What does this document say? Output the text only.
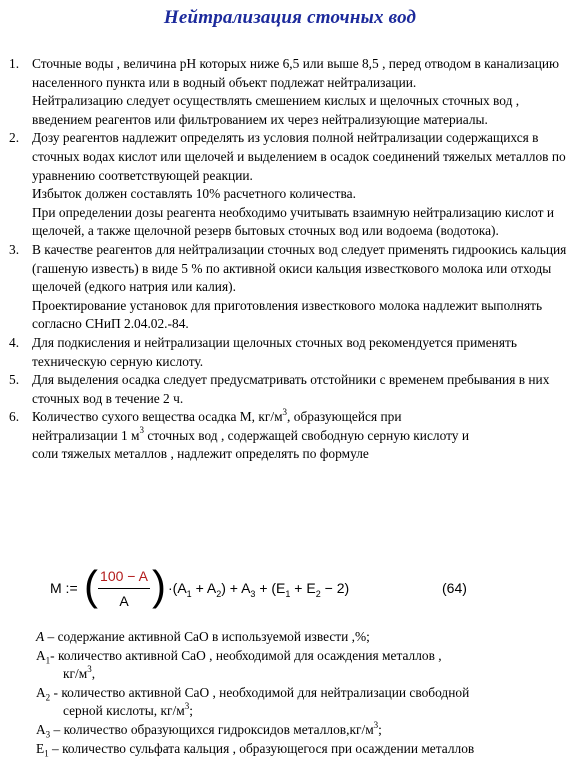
Нейтрализация сточных вод
1. Сточные воды , величина pH которых ниже 6,5 или выше 8,5 , перед отводом в канализацию населенного пункта или в водный объект подлежат нейтрализации.

Нейтрализацию следует осуществлять смешением кислых и щелочных сточных вод , введением реагентов или фильтрованием их через нейтрализующие материалы.

2. Дозу реагентов надлежит определять из условия полной нейтрализации содержащихся в сточных водах кислот или щелочей и выделением в осадок соединений тяжелых металлов по уравнению соответствующей реакции.

Избыток должен составлять 10% расчетного количества.

При определении дозы реагента необходимо учитывать взаимную нейтрализацию кислот и щелочей, а также щелочной резерв бытовых сточных вод или водоема (водотока).

3. В качестве реагентов для нейтрализации сточных вод следует применять гидроокись кальция (гашеную известь) в виде 5 % по активной окиси кальция известкового молока или отходы щелочей (едкого натрия или калия).

Проектирование установок для приготовления известкового молока надлежит выполнять согласно СНиП 2.04.02.-84.

4. Для подкисления и нейтрализации щелочных сточных вод рекомендуется применять техническую серную кислоту.

5. Для выделения осадка следует предусматривать отстойники с временем пребывания в них сточных вод в течение 2 ч.

6. Количество сухого вещества осадка М, $кг/м^3$, образующейся при
нейтрализации 1 $м^3$ сточных вод , содержащей свободную серную кислоту и
соли тяжелых металлов , надлежит определять по формуле

M := ( 100 − A
A ) $\cdot(A_1 + A_2) + A_3 + (E_1 + E_2 - 2)$	(64)
A – содержание активной CaO в используемой извести ,%;
$A_1-$ количество активной CaO , необходимой для осаждения металлов ,
$кг/м^3$,
$A_2$ - количество активной CaO , необходимой для нейтрализации свободной
серной кислоты, $кг/м^3$;
$A_3$ – количество образующихся гидроксидов $металлов,кг/м^3$;
$E_1$ – количество сульфата кальция , образующегося при осаждении металлов
